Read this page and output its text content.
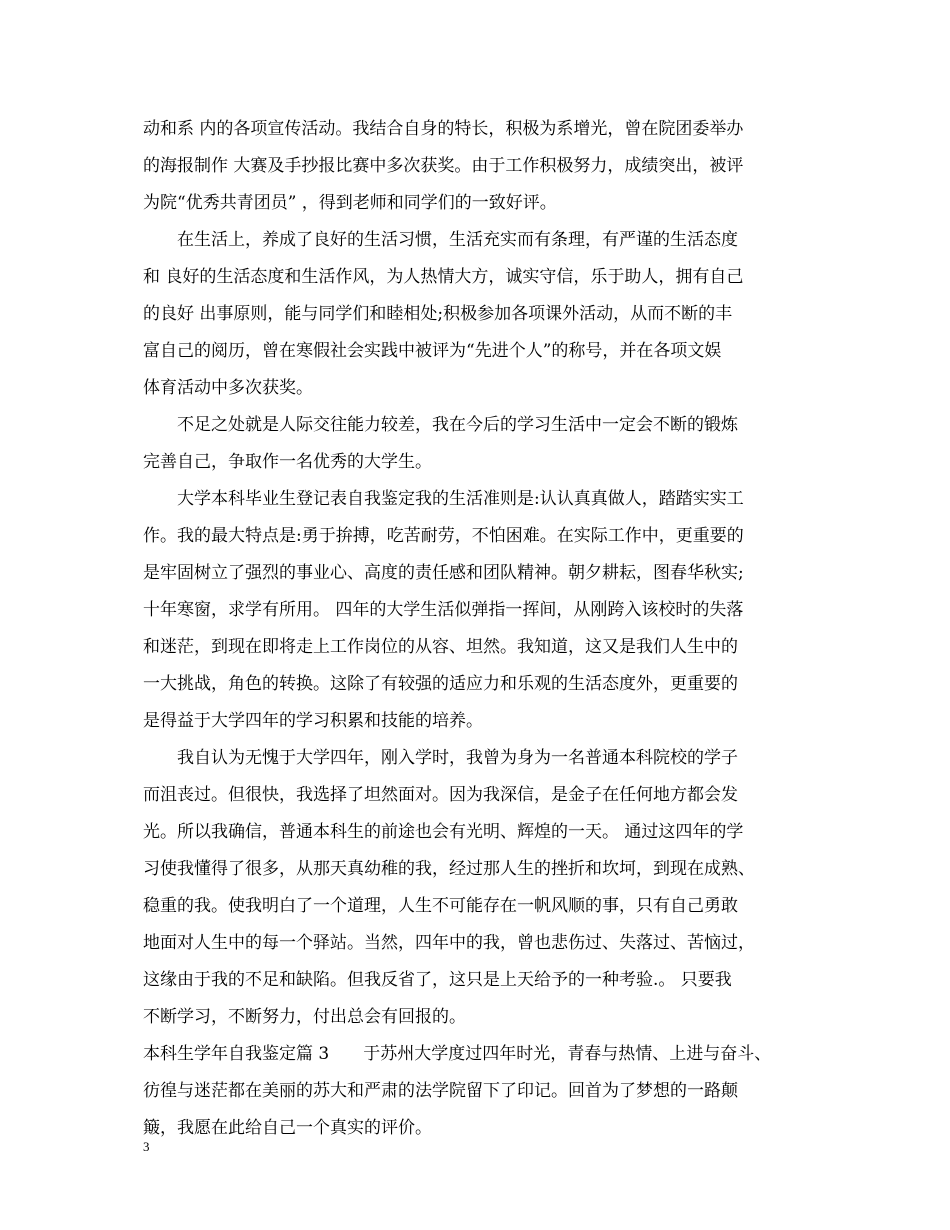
动和系 内的各项宣传活动。我结合自身的特长，积极为系增光，曾在院团委举办
的海报制作 大赛及手抄报比赛中多次获奖。由于工作积极努力，成绩突出，被评
为院“优秀共青团员” ，得到老师和同学们的一致好评。
　　在生活上，养成了良好的生活习惯，生活充实而有条理，有严谨的生活态度
和 良好的生活态度和生活作风，为人热情大方，诚实守信，乐于助人，拥有自己
的良好 出事原则，能与同学们和睦相处;积极参加各项课外活动，从而不断的丰
富自己的阅历，曾在寒假社会实践中被评为“先进个人”的称号，并在各项文娱
体育活动中多次获奖。
　　不足之处就是人际交往能力较差，我在今后的学习生活中一定会不断的锻炼
完善自己，争取作一名优秀的大学生。
　　大学本科毕业生登记表自我鉴定我的生活准则是:认认真真做人，踏踏实实工
作。我的最大特点是:勇于拚搏，吃苦耐劳，不怕困难。在实际工作中，更重要的
是牢固树立了强烈的事业心、高度的责任感和团队精神。朝夕耕耘，图春华秋实;
十年寒窗，求学有所用。 四年的大学生活似弹指一挥间，从刚跨入该校时的失落
和迷茫，到现在即将走上工作岗位的从容、坦然。我知道，这又是我们人生中的
一大挑战，角色的转换。这除了有较强的适应力和乐观的生活态度外，更重要的
是得益于大学四年的学习积累和技能的培养。
　　我自认为无愧于大学四年，刚入学时，我曾为身为一名普通本科院校的学子
而沮丧过。但很快，我选择了坦然面对。因为我深信，是金子在任何地方都会发
光。所以我确信，普通本科生的前途也会有光明、辉煌的一天。 通过这四年的学
习使我懂得了很多，从那天真幼稚的我，经过那人生的挫折和坎坷，到现在成熟、
稳重的我。使我明白了一个道理，人生不可能存在一帆风顺的事，只有自己勇敢
地面对人生中的每一个驿站。当然，四年中的我，曾也悲伤过、失落过、苦恼过，
这缘由于我的不足和缺陷。但我反省了，这只是上天给予的一种考验.。 只要我
不断学习，不断努力，付出总会有回报的。
本科生学年自我鉴定篇 3　　于苏州大学度过四年时光，青春与热情、上进与奋斗、
彷徨与迷茫都在美丽的苏大和严肃的法学院留下了印记。回首为了梦想的一路颠
簸，我愿在此给自己一个真实的评价。
3
